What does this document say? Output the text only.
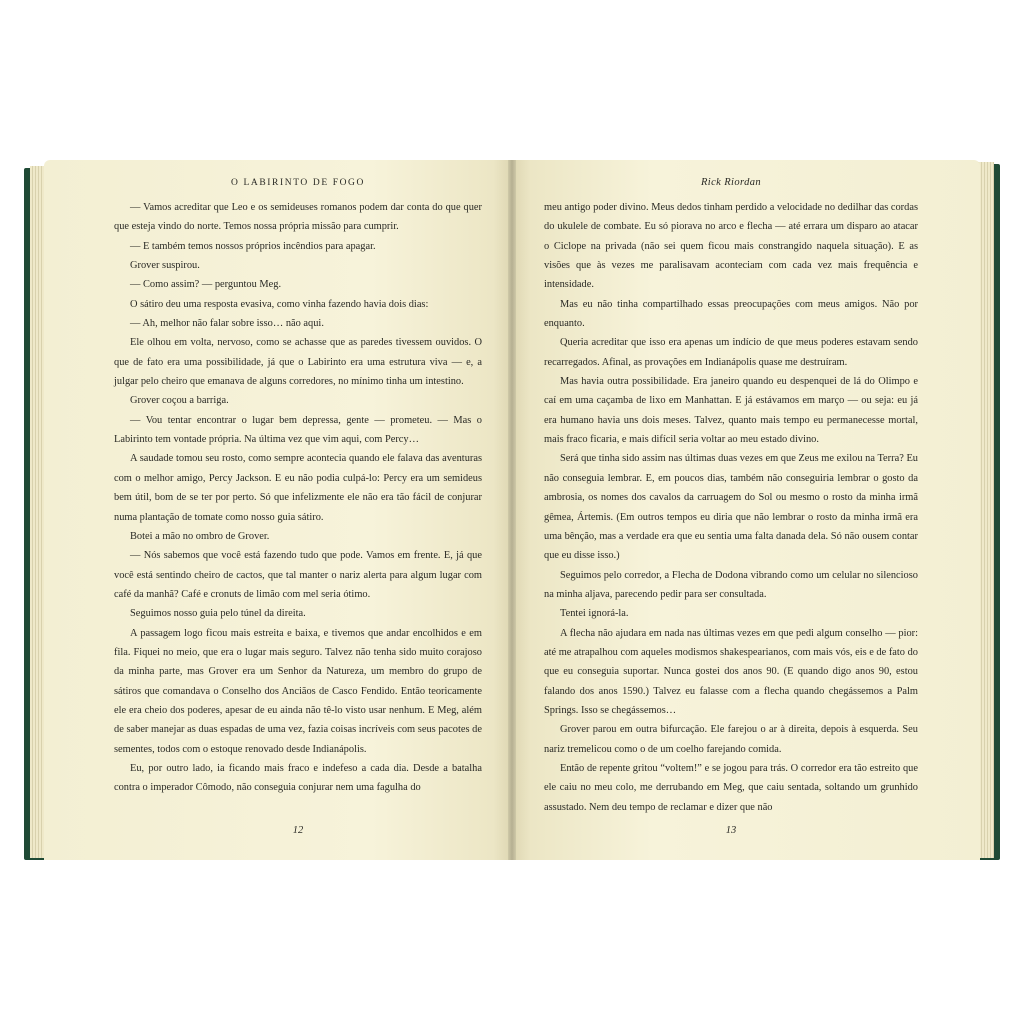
O LABIRINTO DE FOGO

— Vamos acreditar que Leo e os semideuses romanos podem dar conta do que quer que esteja vindo do norte. Temos nossa própria missão para cumprir.

— E também temos nossos próprios incêndios para apagar.

Grover suspirou.

— Como assim? — perguntou Meg.

O sátiro deu uma resposta evasiva, como vinha fazendo havia dois dias:

— Ah, melhor não falar sobre isso… não aqui.

Ele olhou em volta, nervoso, como se achasse que as paredes tivessem ouvidos. O que de fato era uma possibilidade, já que o Labirinto era uma estrutura viva — e, a julgar pelo cheiro que emanava de alguns corredores, no mínimo tinha um intestino.

Grover coçou a barriga.

— Vou tentar encontrar o lugar bem depressa, gente — prometeu. — Mas o Labirinto tem vontade própria. Na última vez que vim aqui, com Percy…

A saudade tomou seu rosto, como sempre acontecia quando ele falava das aventuras com o melhor amigo, Percy Jackson. E eu não podia culpá-lo: Percy era um semideus bem útil, bom de se ter por perto. Só que infelizmente ele não era tão fácil de conjurar numa plantação de tomate como nosso guia sátiro.

Botei a mão no ombro de Grover.

— Nós sabemos que você está fazendo tudo que pode. Vamos em frente. E, já que você está sentindo cheiro de cactos, que tal manter o nariz alerta para algum lugar com café da manhã? Café e cronuts de limão com mel seria ótimo.

Seguimos nosso guia pelo túnel da direita.

A passagem logo ficou mais estreita e baixa, e tivemos que andar encolhidos e em fila. Fiquei no meio, que era o lugar mais seguro. Talvez não tenha sido muito corajoso da minha parte, mas Grover era um Senhor da Natureza, um membro do grupo de sátiros que comandava o Conselho dos Anciãos de Casco Fendido. Então teoricamente ele era cheio dos poderes, apesar de eu ainda não tê-lo visto usar nenhum. E Meg, além de saber manejar as duas espadas de uma vez, fazia coisas incríveis com seus pacotes de sementes, todos com o estoque renovado desde Indianápolis.

Eu, por outro lado, ia ficando mais fraco e indefeso a cada dia. Desde a batalha contra o imperador Cômodo, não conseguia conjurar nem uma fagulha do

12
Rick Riordan

meu antigo poder divino. Meus dedos tinham perdido a velocidade no dedilhar das cordas do ukulele de combate. Eu só piorava no arco e flecha — até errara um disparo ao atacar o Ciclope na privada (não sei quem ficou mais constrangido naquela situação). E as visões que às vezes me paralisavam aconteciam com cada vez mais frequência e intensidade.

Mas eu não tinha compartilhado essas preocupações com meus amigos. Não por enquanto.

Queria acreditar que isso era apenas um indício de que meus poderes estavam sendo recarregados. Afinal, as provações em Indianápolis quase me destruíram.

Mas havia outra possibilidade. Era janeiro quando eu despenquei de lá do Olimpo e caí em uma caçamba de lixo em Manhattan. E já estávamos em março — ou seja: eu já era humano havia uns dois meses. Talvez, quanto mais tempo eu permanecesse mortal, mais fraco ficaria, e mais difícil seria voltar ao meu estado divino.

Será que tinha sido assim nas últimas duas vezes em que Zeus me exilou na Terra? Eu não conseguia lembrar. E, em poucos dias, também não conseguiria lembrar o gosto da ambrosia, os nomes dos cavalos da carruagem do Sol ou mesmo o rosto da minha irmã gêmea, Ártemis. (Em outros tempos eu diria que não lembrar o rosto da minha irmã era uma bênção, mas a verdade era que eu sentia uma falta danada dela. Só não ousem contar que eu disse isso.)

Seguimos pelo corredor, a Flecha de Dodona vibrando como um celular no silencioso na minha aljava, parecendo pedir para ser consultada.

Tentei ignorá-la.

A flecha não ajudara em nada nas últimas vezes em que pedi algum conselho — pior: até me atrapalhou com aqueles modismos shakespearianos, com mais vós, eis e de fato do que eu conseguia suportar. Nunca gostei dos anos 90. (E quando digo anos 90, estou falando dos anos 1590.) Talvez eu falasse com a flecha quando chegássemos a Palm Springs. Isso se chegássemos…

Grover parou em outra bifurcação. Ele farejou o ar à direita, depois à esquerda. Seu nariz tremelicou como o de um coelho farejando comida.

Então de repente gritou “voltem!” e se jogou para trás. O corredor era tão estreito que ele caiu no meu colo, me derrubando em Meg, que caiu sentada, soltando um grunhido assustado. Nem deu tempo de reclamar e dizer que não

13
